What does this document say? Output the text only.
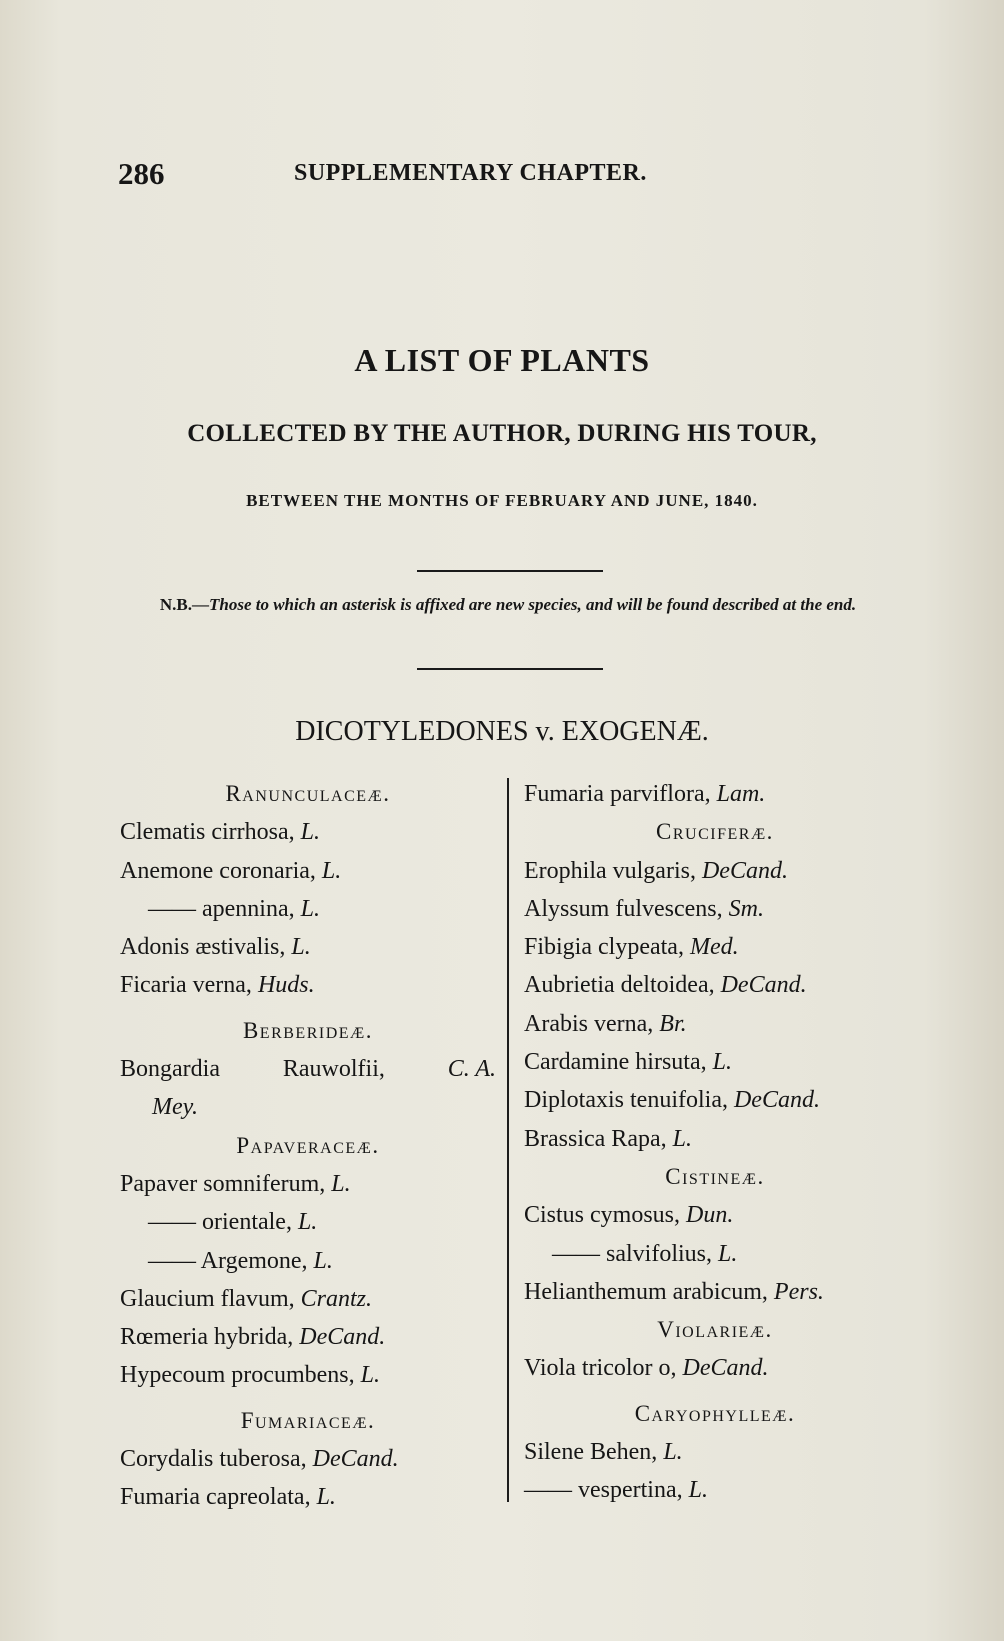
286	SUPPLEMENTARY CHAPTER.
A LIST OF PLANTS
COLLECTED BY THE AUTHOR, DURING HIS TOUR,
BETWEEN THE MONTHS OF FEBRUARY AND JUNE, 1840.
N.B.—Those to which an asterisk is affixed are new species, and will be found described at the end.
DICOTYLEDONES v. EXOGENÆ.
Ranunculaceæ.
Clematis cirrhosa, L.
Anemone coronaria, L.
—— apennina, L.
Adonis æstivalis, L.
Ficaria verna, Huds.
Berberideæ.
Bongardia	Rauwolfii,	C. A.
Mey.
Papaveraceæ.
Papaver somniferum, L.
—— orientale, L.
—— Argemone, L.
Glaucium flavum, Crantz.
Rœmeria hybrida, DeCand.
Hypecoum procumbens, L.
Fumariaceæ.
Corydalis tuberosa, DeCand.
Fumaria capreolata, L.
Fumaria parviflora, Lam.
Cruciferæ.
Erophila vulgaris, DeCand.
Alyssum fulvescens, Sm.
Fibigia clypeata, Med.
Aubrietia deltoidea, DeCand.
Arabis verna, Br.
Cardamine hirsuta, L.
Diplotaxis tenuifolia, DeCand.
Brassica Rapa, L.
Cistineæ.
Cistus cymosus, Dun.
—— salvifolius, L.
Helianthemum arabicum, Pers.
Violarieæ.
Viola tricolor o, DeCand.
Caryophylleæ.
Silene Behen, L.
—— vespertina, L.
